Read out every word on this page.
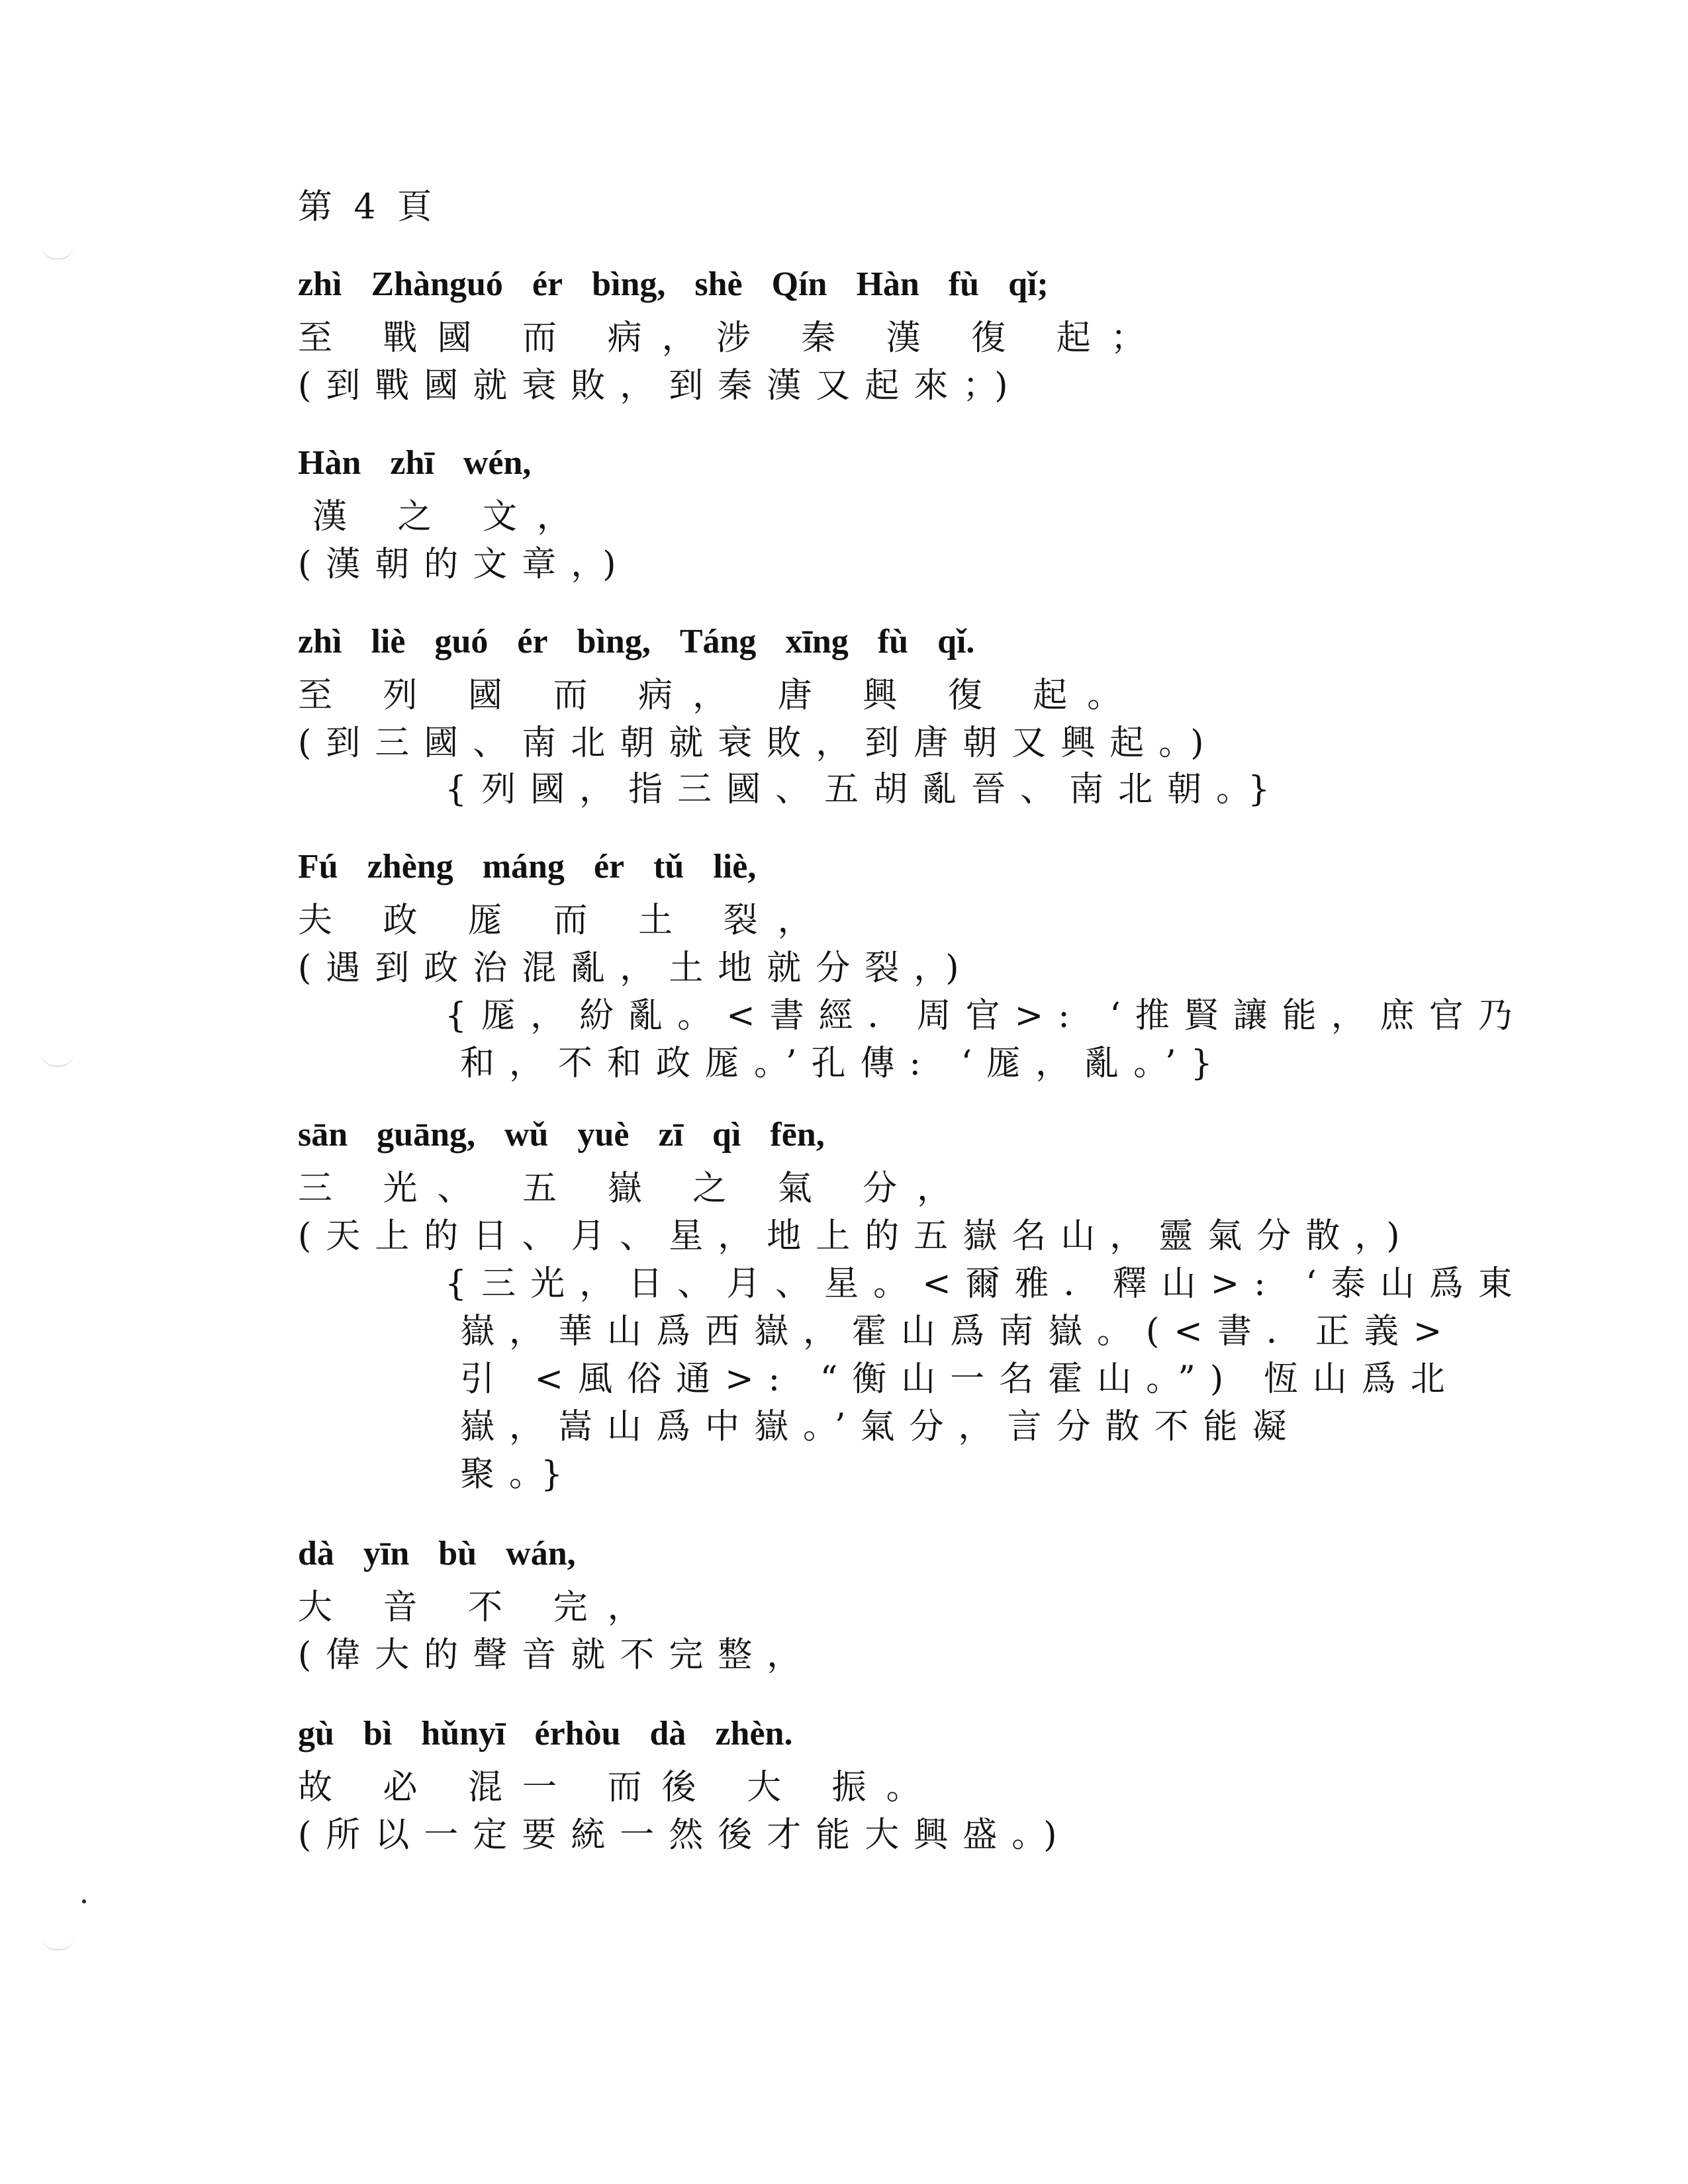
第 4 頁
zhì Zhànguó ér bìng, shè Qín Hàn fù qǐ;
至 戰國 而 病，涉 秦 漢 復 起；
(到戰國就衰敗，到秦漢又起來；)
Hàn zhī wén,
漢 之 文，
(漢朝的文章，)
zhì liè guó ér bìng, Táng xīng fù qǐ.
至 列 國 而 病， 唐 興 復 起。
(到三國、南北朝就衰敗，到唐朝又興起。)
{列國，指三國、五胡亂晉、南北朝。}
Fú zhèng máng ér tǔ liè,
夫 政 厖 而 土 裂，
(遇到政治混亂，土地就分裂，)
{厖，紛亂。<書經．周官>: ‘推賢讓能，庶官乃
和，不和政厖。’孔傳: ‘厖，亂。’}
sān guāng, wǔ yuè zī qì fēn,
三 光、 五 嶽 之 氣 分，
(天上的日、月、星，地上的五嶽名山，靈氣分散，)
{三光，日、月、星。<爾雅．釋山>: ‘泰山爲東
嶽，華山爲西嶽，霍山爲南嶽。(<書．正義>
引 <風俗通>: “衡山一名霍山。”) 恆山爲北
嶽，嵩山爲中嶽。’氣分，言分散不能凝
聚。}
dà yīn bù wán,
大 音 不 完，
(偉大的聲音就不完整，
gù bì hǔnyī érhòu dà zhèn.
故 必 混一 而後 大 振。
(所以一定要統一然後才能大興盛。)
